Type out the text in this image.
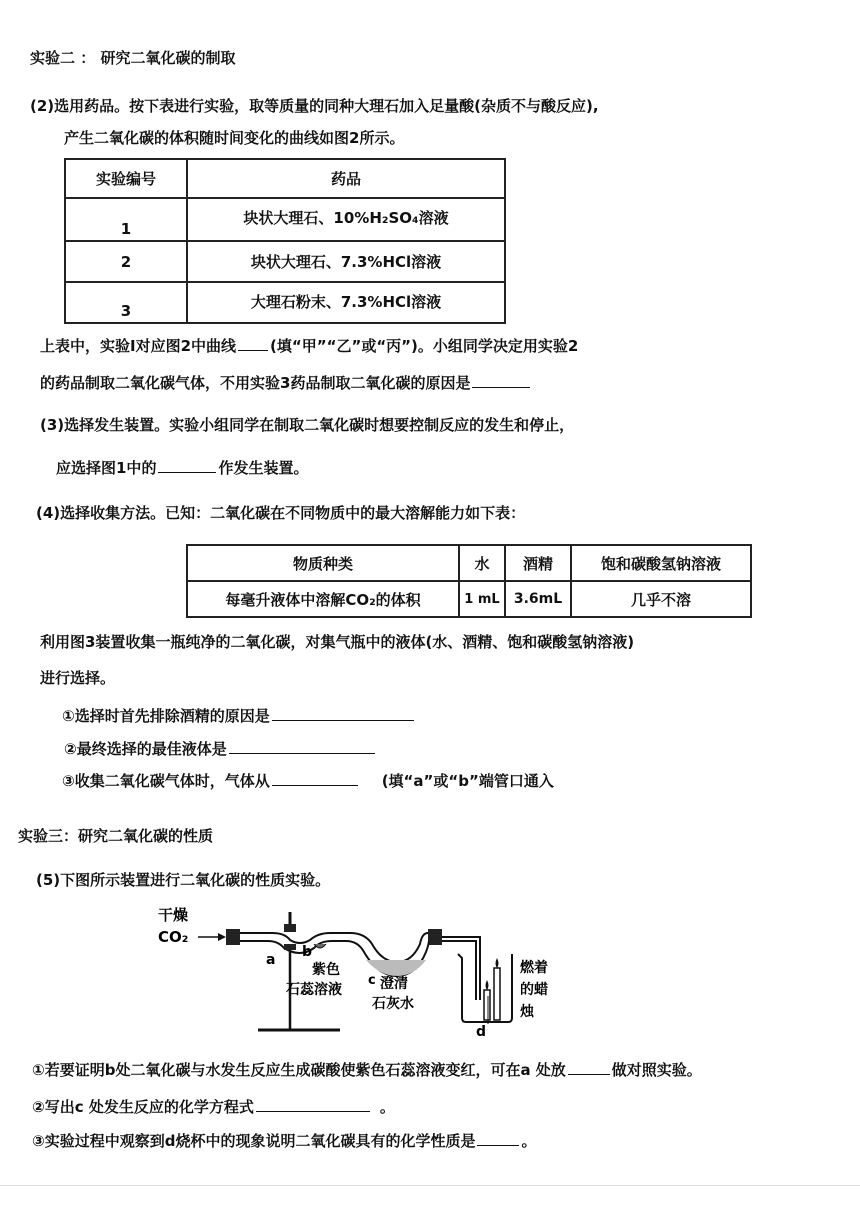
实验二 ： 研究二氧化碳的制取
(2)选用药品。按下表进行实验，取等质量的同种大理石加入足量酸(杂质不与酸反应),
产生二氧化碳的体积随时间变化的曲线如图2所示。
实验编号	药品
1	块状大理石、10%H₂SO₄溶液
2	块状大理石、7.3%HCl溶液
3	大理石粉末、7.3%HCl溶液
上表中，实验Ⅰ对应图2中曲线 (填“甲”“乙”或“丙”)。小组同学决定用实验2
的药品制取二氧化碳气体，不用实验3药品制取二氧化碳的原因是
(3)选择发生装置。实验小组同学在制取二氧化碳时想要控制反应的发生和停止，
应选择图1中的	作发生装置。
(4)选择收集方法。已知：二氧化碳在不同物质中的最大溶解能力如下表：
物质种类	水	酒精	饱和碳酸氢钠溶液
每毫升液体中溶解CO₂的体积	1 mL	3.6mL	几乎不溶
利用图3装置收集一瓶纯净的二氧化碳，对集气瓶中的液体(水、酒精、饱和碳酸氢钠溶液)
进行选择。
①选择时首先排除酒精的原因是
②最终选择的最佳液体是
③收集二氧化碳气体时，气体从	(填“a”或“b”端管口通入
实验三：研究二氧化碳的性质
(5)下图所示装置进行二氧化碳的性质实验。
干燥
CO₂
a b
紫色
石蕊溶液
c 澄清
石灰水
d
燃着
的蜡
烛
①若要证明b处二氧化碳与水发生反应生成碳酸使紫色石蕊溶液变红，可在a 处放	做对照实验。
②写出c 处发生反应的化学方程式	。
③实验过程中观察到d烧杯中的现象说明二氧化碳具有的化学性质是	。
